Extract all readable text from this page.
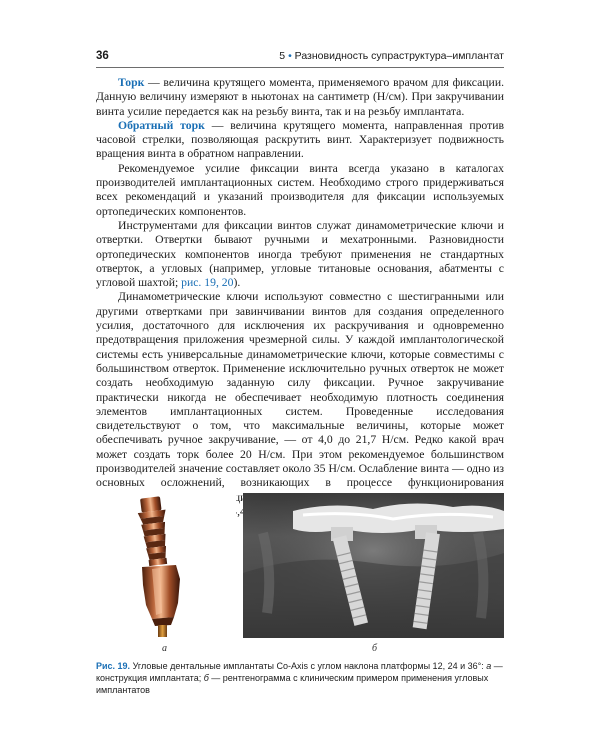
36	5 • Разновидность супраструктура–имплантат

Торк — величина крутящего момента, применяемого врачом для фиксации. Данную величину измеряют в ньютонах на сантиметр (Н/см). При закручивании винта усилие передается как на резьбу винта, так и на резьбу имплантата.

Обратный торк — величина крутящего момента, направленная против часовой стрелки, позволяющая раскрутить винт. Характеризует подвижность вращения винта в обратном направлении.

Рекомендуемое усилие фиксации винта всегда указано в каталогах производителей имплантационных систем. Необходимо строго придерживаться всех рекомендаций и указаний производителя для фиксации используемых ортопедических компонентов.

Инструментами для фиксации винтов служат динамометрические ключи и отвертки. Отвертки бывают ручными и мехатронными. Разновидности ортопедических компонентов иногда требуют применения не стандартных отверток, а угловых (например, угловые титановые основания, абатменты с угловой шахтой; рис. 19, 20).

Динамометрические ключи используют совместно с шестигранными или другими отвертками при завинчивании винтов для создания определенного усилия, достаточного для исключения их раскручивания и одновременно предотвращения приложения чрезмерной силы. У каждой имплантологической системы есть универсальные динамометрические ключи, которые совместимы с большинством отверток. Применение исключительно ручных отверток не может создать необходимую заданную силу фиксации. Ручное закручивание практически никогда не обеспечивает необходимую плотность соединения элементов имплантационных систем. Проведенные исследования свидетельствуют о том, что максимальные величины, которые может обеспечивать ручное закручивание, — от 4,0 до 21,7 Н/см. Редко какой врач может создать торк более 20 Н/см. При этом рекомендуемое большинством производителей значение составляет около 35 Н/см. Ослабление винта — одно из основных осложнений, возникающих в процессе функционирования 24,4%

а	б
Рис. 19. Угловые дентальные имплантаты Co-Axis с углом наклона платформы 12, 24 и 36°: а — конструкция имплантата; б — рентгенограмма с клиническим примером применения угловых имплантатов
